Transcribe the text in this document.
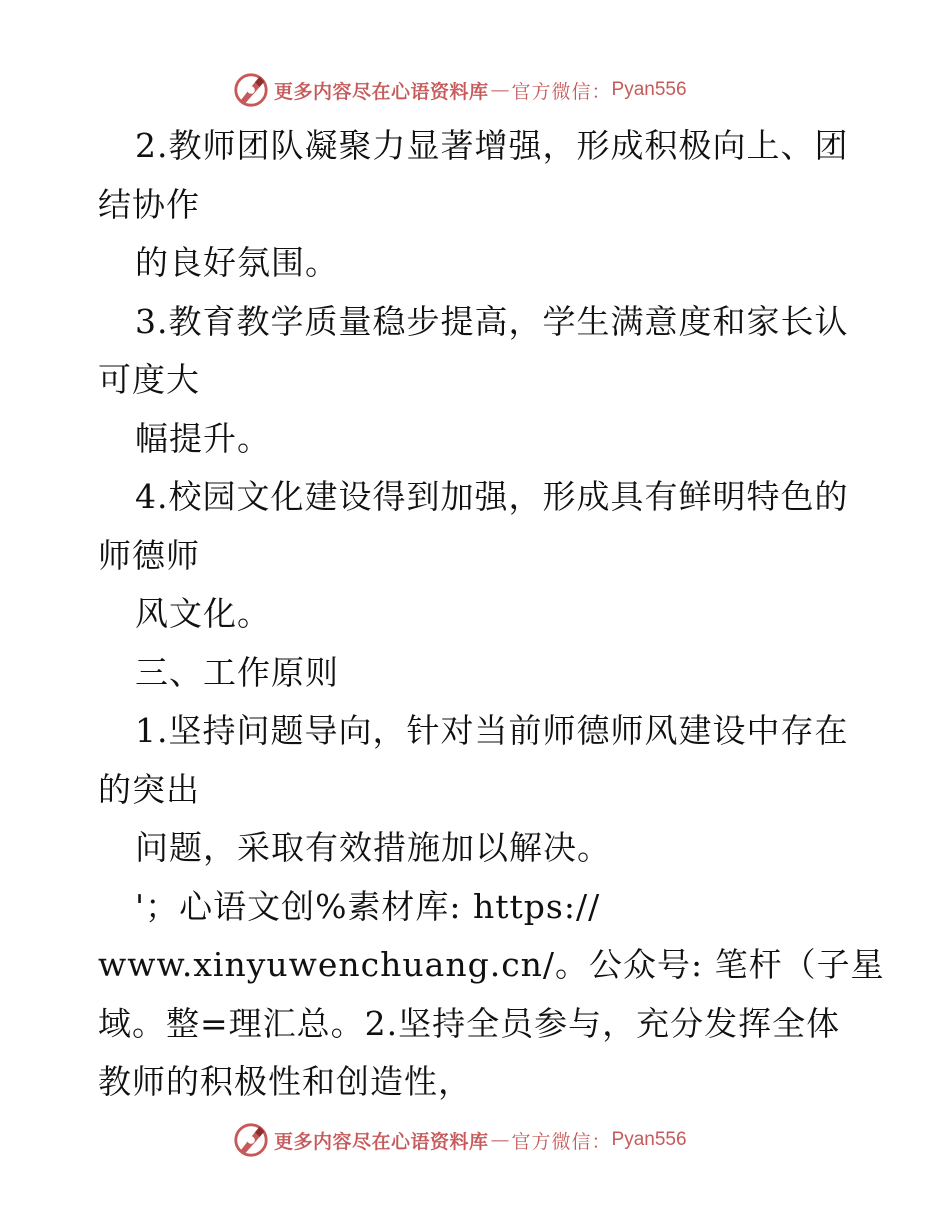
更多内容尽在心语资料库 — 官方微信： Pyan556
2.教师团队凝聚力显著增强，形成积极向上、团
结协作
的良好氛围。
3.教育教学质量稳步提高，学生满意度和家长认
可度大
幅提升。
4.校园文化建设得到加强，形成具有鲜明特色的
师德师
风文化。
三、工作原则
1.坚持问题导向，针对当前师德师风建设中存在
的突出
问题，采取有效措施加以解决。
'；心语文创%素材库: https://
www.xinyuwenchuang.cn/。公众号: 笔杆（子星
域。整=理汇总。2.坚持全员参与，充分发挥全体
教师的积极性和创造性，
更多内容尽在心语资料库 — 官方微信： Pyan556
